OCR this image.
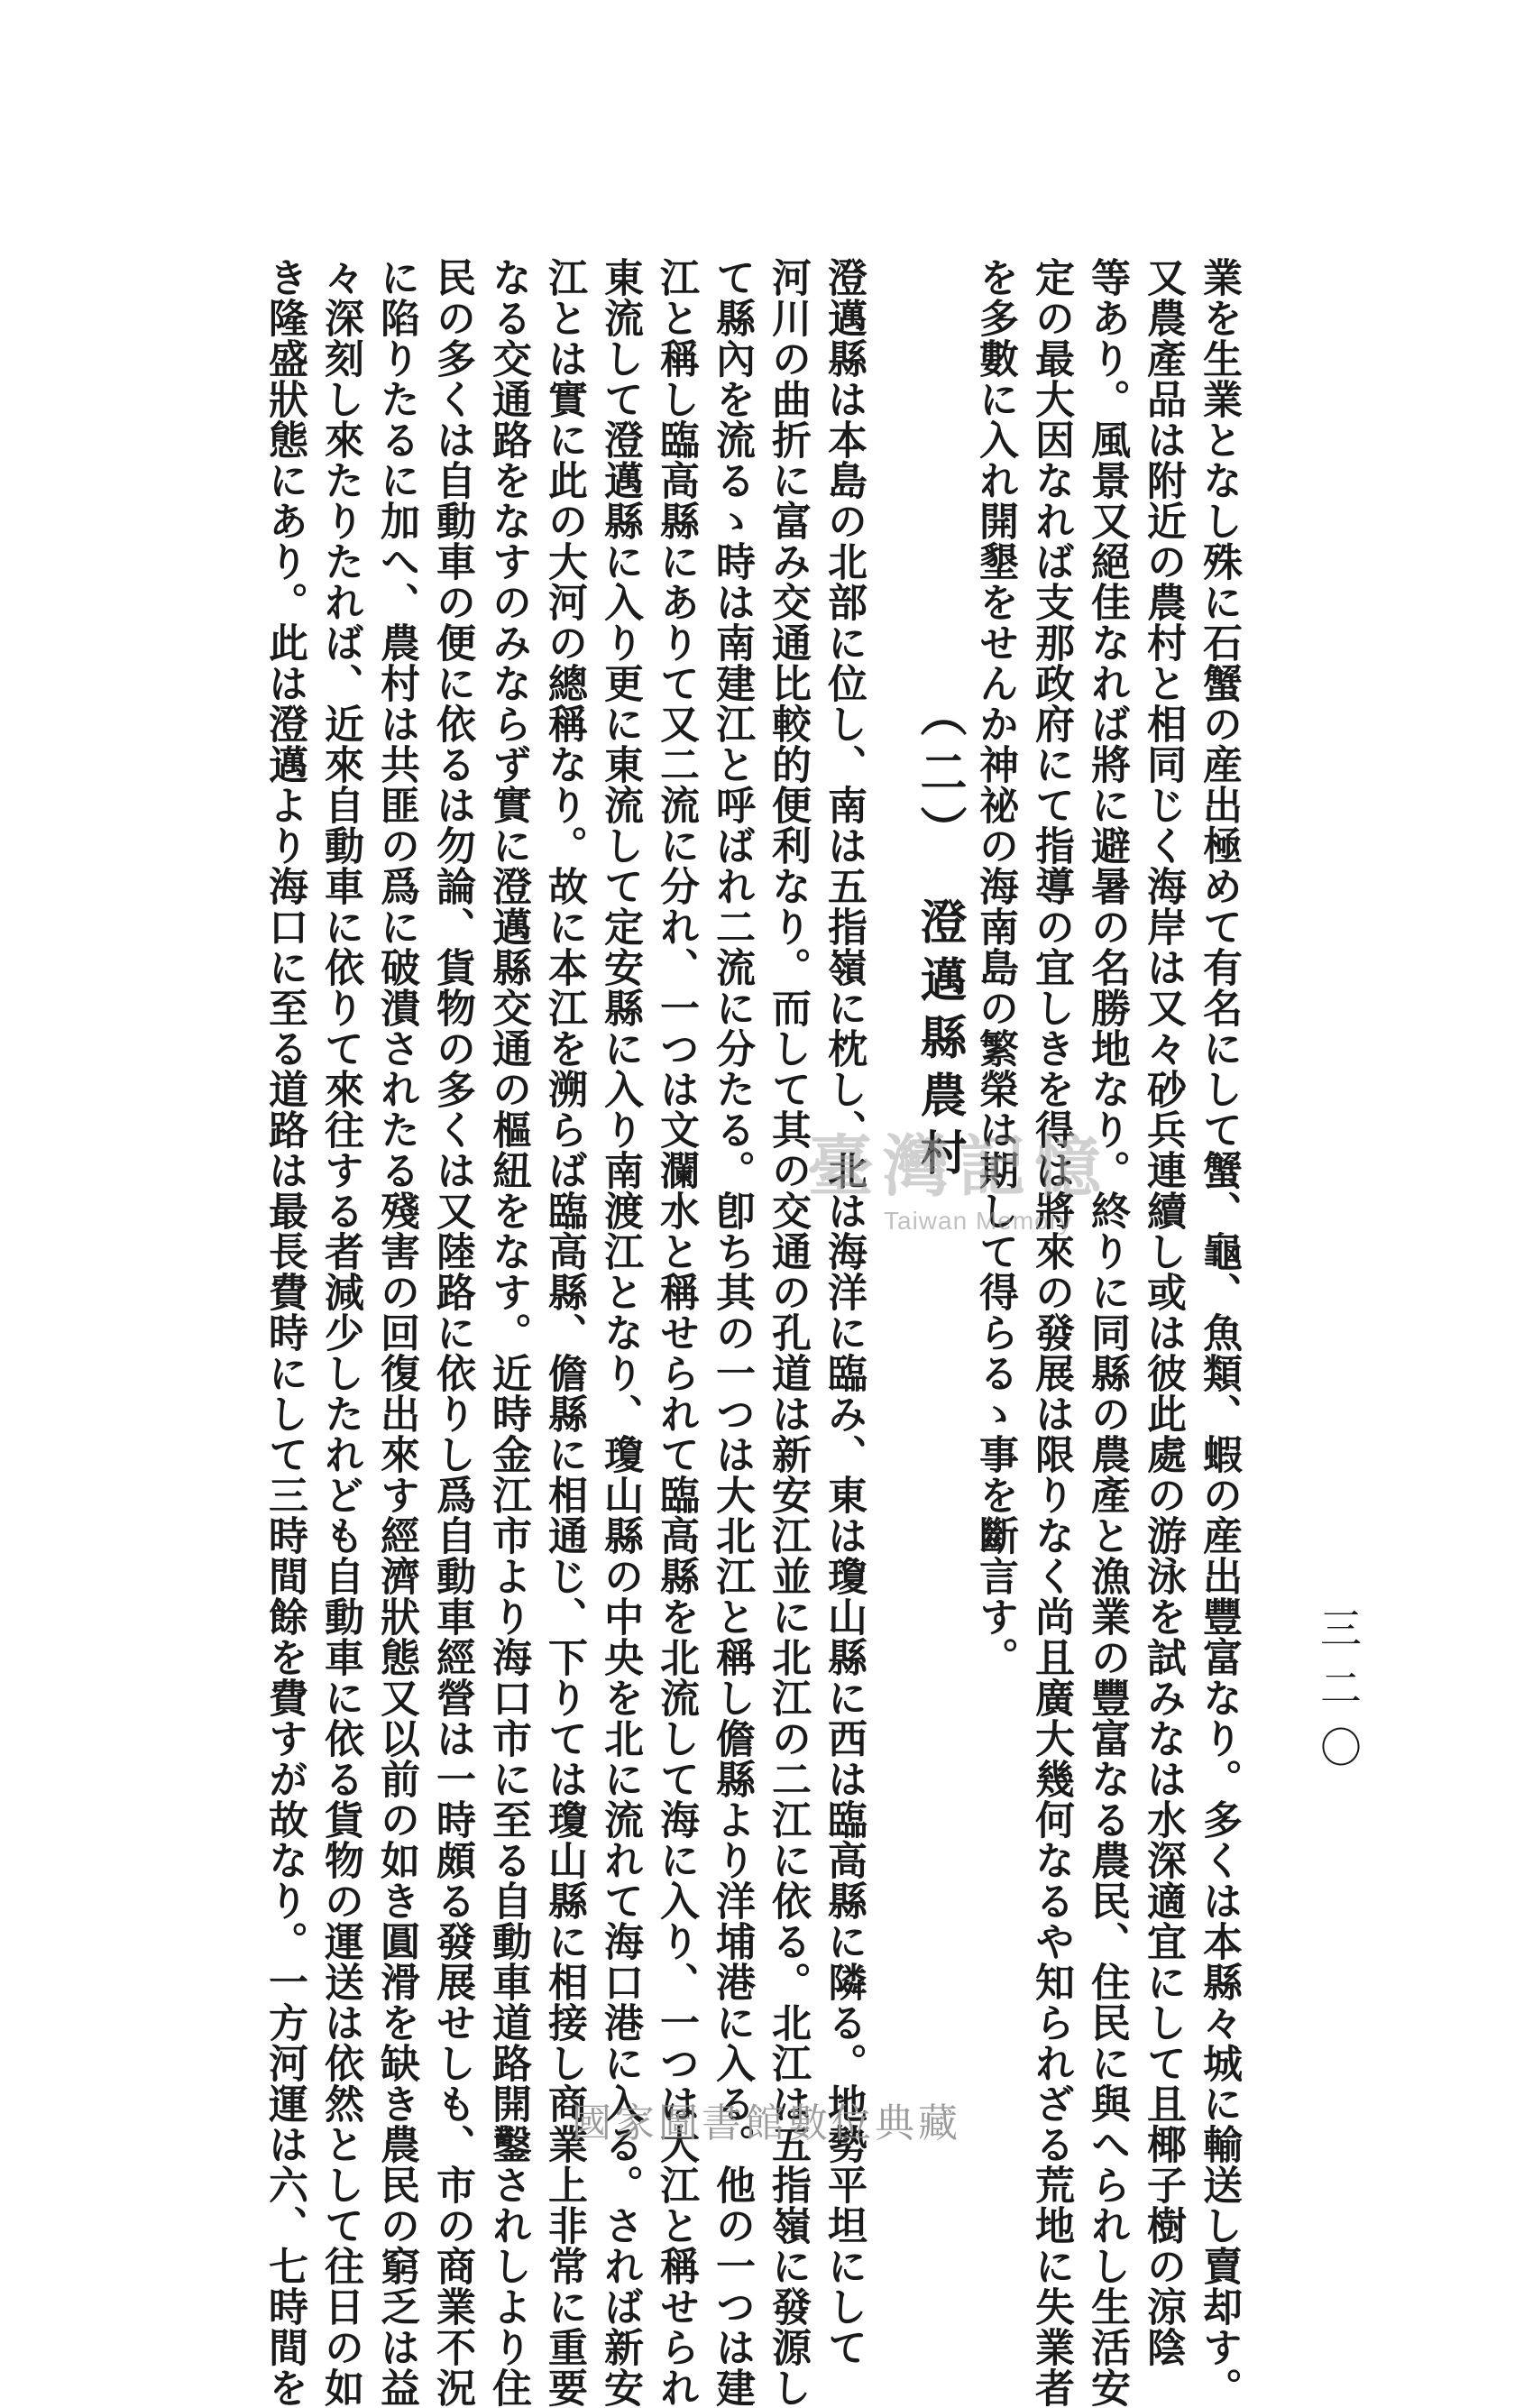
三二〇
業を生業となし殊に石蟹の産出極めて有名にして蟹、龜、魚類、蝦の産出豐富なり。多くは本縣々城に輸送し賣却す。
又農產品は附近の農村と相同じく海岸は又々砂兵連續し或は彼此處の游泳を試みなは水深適宜にして且椰子樹の涼陰
等あり。風景又絕佳なれば將に避暑の名勝地なり。終りに同縣の農產と漁業の豐富なる農民、住民に與へられし生活安
定の最大因なれば支那政府にて指導の宜しきを得は將來の發展は限りなく尚且廣大幾何なるや知られざる荒地に失業者
を多數に入れ開墾をせんか神祕の海南島の繁榮は期して得らるゝ事を斷言す。
（二）　澄邁縣農村
澄邁縣は本島の北部に位し、南は五指嶺に枕し、北は海洋に臨み、東は瓊山縣に西は臨高縣に隣る。地勢平坦にして
河川の曲折に富み交通比較的便利なり。而して其の交通の孔道は新安江並に北江の二江に依る。北江は五指嶺に發源し
て縣內を流るゝ時は南建江と呼ばれ二流に分たる。卽ち其の一つは大北江と稱し儋縣より洋埔港に入る。他の一つは建
江と稱し臨高縣にありて又二流に分れ、一つは文瀾水と稱せられて臨高縣を北流して海に入り、一つは大江と稱せられ
東流して澄邁縣に入り更に東流して定安縣に入り南渡江となり、瓊山縣の中央を北に流れて海口港に入る。されば新安
江とは實に此の大河の總稱なり。故に本江を溯らば臨高縣、儋縣に相通じ、下りては瓊山縣に相接し商業上非常に重要
なる交通路をなすのみならず實に澄邁縣交通の樞紐をなす。近時金江市より海口市に至る自動車道路開鑿されしより住
民の多くは自動車の便に依るは勿論、貨物の多くは又陸路に依りし爲自動車經營は一時頗る發展せしも、市の商業不況
に陷りたるに加へ、農村は共匪の爲に破潰されたる殘害の回復出來す經濟狀態又以前の如き圓滑を缺き農民の窮乏は益
々深刻し來たりたれば、近來自動車に依りて來往する者減少したれども自動車に依る貨物の運送は依然として往日の如
き隆盛狀態にあり。此は澄邁より海口に至る道路は最長費時にして三時間餘を費すが故なり。一方河運は六、七時間を	臺灣記憶
Taiwan Memory
國家圖書館數位典藏
